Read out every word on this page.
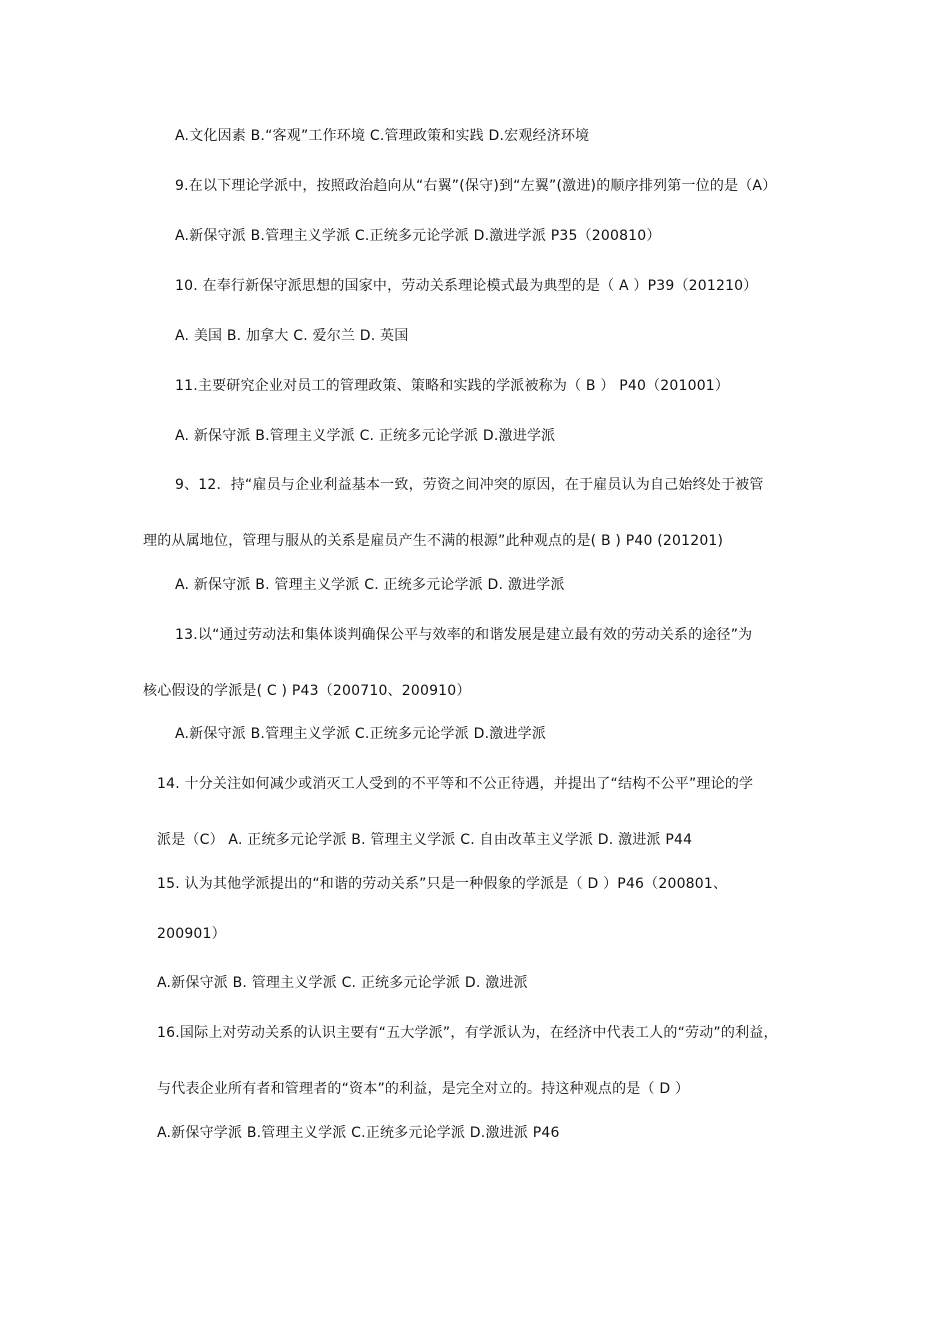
A.文化因素 B.“客观”工作环境 C.管理政策和实践 D.宏观经济环境
9.在以下理论学派中，按照政治趋向从“右翼”(保守)到“左翼”(激进)的顺序排列第一位的是（A）
A.新保守派 B.管理主义学派 C.正统多元论学派 D.激进学派 P35（200810）
10. 在奉行新保守派思想的国家中，劳动关系理论模式最为典型的是（ A ）P39（201210）
A. 美国 B. 加拿大 C. 爱尔兰 D. 英国
11.主要研究企业对员工的管理政策、策略和实践的学派被称为（ B ） P40（201001）
A. 新保守派 B.管理主义学派 C. 正统多元论学派 D.激进学派
9、12．持“雇员与企业利益基本一致，劳资之间冲突的原因，在于雇员认为自己始终处于被管
理的从属地位，管理与服从的关系是雇员产生不满的根源”此种观点的是( B ) P40 (201201)
A. 新保守派 B. 管理主义学派 C. 正统多元论学派 D. 激进学派
13.以“通过劳动法和集体谈判确保公平与效率的和谐发展是建立最有效的劳动关系的途径”为
核心假设的学派是( C ) P43（200710、200910）
A.新保守派 B.管理主义学派 C.正统多元论学派 D.激进学派
14. 十分关注如何减少或消灭工人受到的不平等和不公正待遇，并提出了“结构不公平”理论的学
派是（C） A. 正统多元论学派 B. 管理主义学派 C. 自由改革主义学派 D. 激进派 P44
15. 认为其他学派提出的“和谐的劳动关系”只是一种假象的学派是（ D ）P46（200801、
200901）
A.新保守派 B. 管理主义学派 C. 正统多元论学派 D. 激进派
16.国际上对劳动关系的认识主要有“五大学派”，有学派认为，在经济中代表工人的“劳动”的利益，
与代表企业所有者和管理者的“资本”的利益，是完全对立的。持这种观点的是（ D ）
A.新保守学派 B.管理主义学派 C.正统多元论学派 D.激进派 P46
